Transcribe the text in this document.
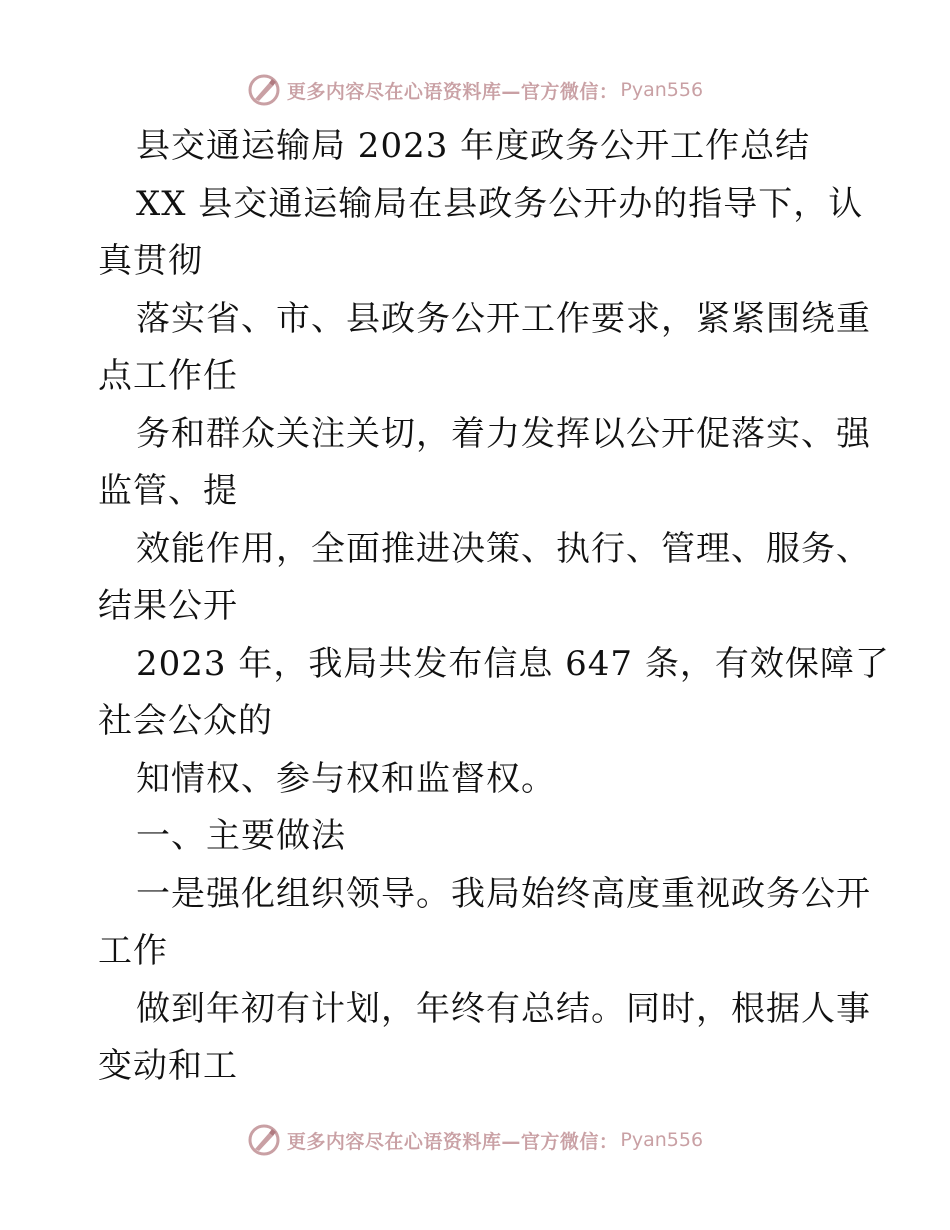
更多内容尽在心语资料库—官方微信： Pyan556
县交通运输局 2023 年度政务公开工作总结
XX 县交通运输局在县政务公开办的指导下，认
真贯彻
落实省、市、县政务公开工作要求，紧紧围绕重
点工作任
务和群众关注关切，着力发挥以公开促落实、强
监管、提
效能作用，全面推进决策、执行、管理、服务、
结果公开
2023 年，我局共发布信息 647 条，有效保障了
社会公众的
知情权、参与权和监督权。
一、主要做法
一是强化组织领导。我局始终高度重视政务公开
工作
做到年初有计划，年终有总结。同时，根据人事
变动和工
更多内容尽在心语资料库—官方微信： Pyan556
